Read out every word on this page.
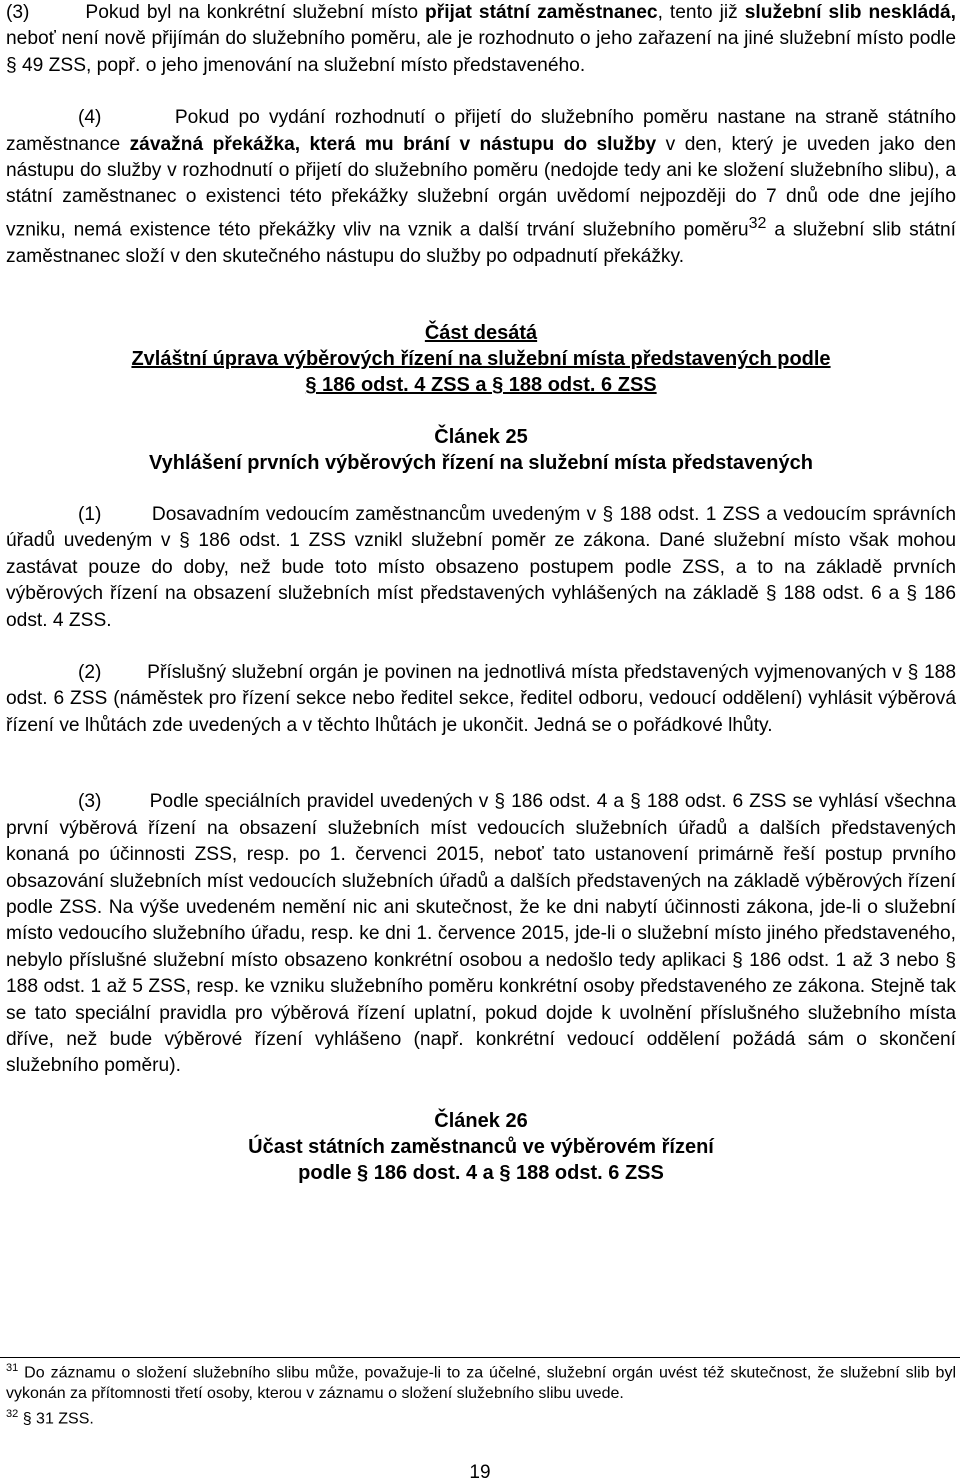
(3)        Pokud byl na konkrétní služební místo přijat státní zaměstnanec, tento již služební slib neskládá, neboť není nově přijímán do služebního poměru, ale je rozhodnuto o jeho zařazení na jiné služební místo podle § 49 ZSS, popř. o jeho jmenování na služební místo představeného.

(4)        Pokud po vydání rozhodnutí o přijetí do služebního poměru nastane na straně státního zaměstnance závažná překážka, která mu brání v nástupu do služby v den, který je uveden jako den nástupu do služby v rozhodnutí o přijetí do služebního poměru (nedojde tedy ani ke složení služebního slibu), a státní zaměstnanec o existenci této překážky služební orgán uvědomí nejpozději do 7 dnů ode dne jejího vzniku, nemá existence této překážky vliv na vznik a další trvání služebního poměru$^{32}$ a služební slib státní zaměstnanec složí v den skutečného nástupu do služby po odpadnutí překážky.

Část desátá

Zvláštní úprava výběrových řízení na služební místa představených podle

§ 186 odst. 4 ZSS a § 188 odst. 6 ZSS

Článek 25

Vyhlášení prvních výběrových řízení na služební místa představených

(1)        Dosavadním vedoucím zaměstnancům uvedeným v § 188 odst. 1 ZSS a vedoucím správních úřadů uvedeným v § 186 odst. 1 ZSS vznikl služební poměr ze zákona. Dané služební místo však mohou zastávat pouze do doby, než bude toto místo obsazeno postupem podle ZSS, a to na základě prvních výběrových řízení na obsazení služebních míst představených vyhlášených na základě § 188 odst. 6 a § 186 odst. 4 ZSS.

(2)        Příslušný služební orgán je povinen na jednotlivá místa představených vyjmenovaných v § 188 odst. 6 ZSS (náměstek pro řízení sekce nebo ředitel sekce, ředitel odboru, vedoucí oddělení) vyhlásit výběrová řízení ve lhůtách zde uvedených a v těchto lhůtách je ukončit. Jedná se o pořádkové lhůty.

(3)        Podle speciálních pravidel uvedených v § 186 odst. 4 a § 188 odst. 6 ZSS se vyhlásí všechna první výběrová řízení na obsazení služebních míst vedoucích služebních úřadů a dalších představených konaná po účinnosti ZSS, resp. po 1. červenci 2015, neboť tato ustanovení primárně řeší postup prvního obsazování služebních míst vedoucích služebních úřadů a dalších představených na základě výběrových řízení podle ZSS. Na výše uvedeném nemění nic ani skutečnost, že ke dni nabytí účinnosti zákona, jde-li o služební místo vedoucího služebního úřadu, resp. ke dni 1. července 2015, jde-li o služební místo jiného představeného, nebylo příslušné služební místo obsazeno konkrétní osobou a nedošlo tedy aplikaci § 186 odst. 1 až 3 nebo § 188 odst. 1 až 5 ZSS, resp. ke vzniku služebního poměru konkrétní osoby představeného ze zákona. Stejně tak se tato speciální pravidla pro výběrová řízení uplatní, pokud dojde k uvolnění příslušného služebního místa dříve, než bude výběrové řízení vyhlášeno (např. konkrétní vedoucí oddělení požádá sám o skončení služebního poměru).

Článek 26

Účast státních zaměstnanců ve výběrovém řízení

podle § 186 dost. 4 a § 188 odst. 6 ZSS

$^{31}$ Do záznamu o složení služebního slibu může, považuje-li to za účelné, služební orgán uvést též skutečnost, že služební slib byl vykonán za přítomnosti třetí osoby, kterou v záznamu o složení služebního slibu uvede.

$^{32}$ § 31 ZSS.

19
